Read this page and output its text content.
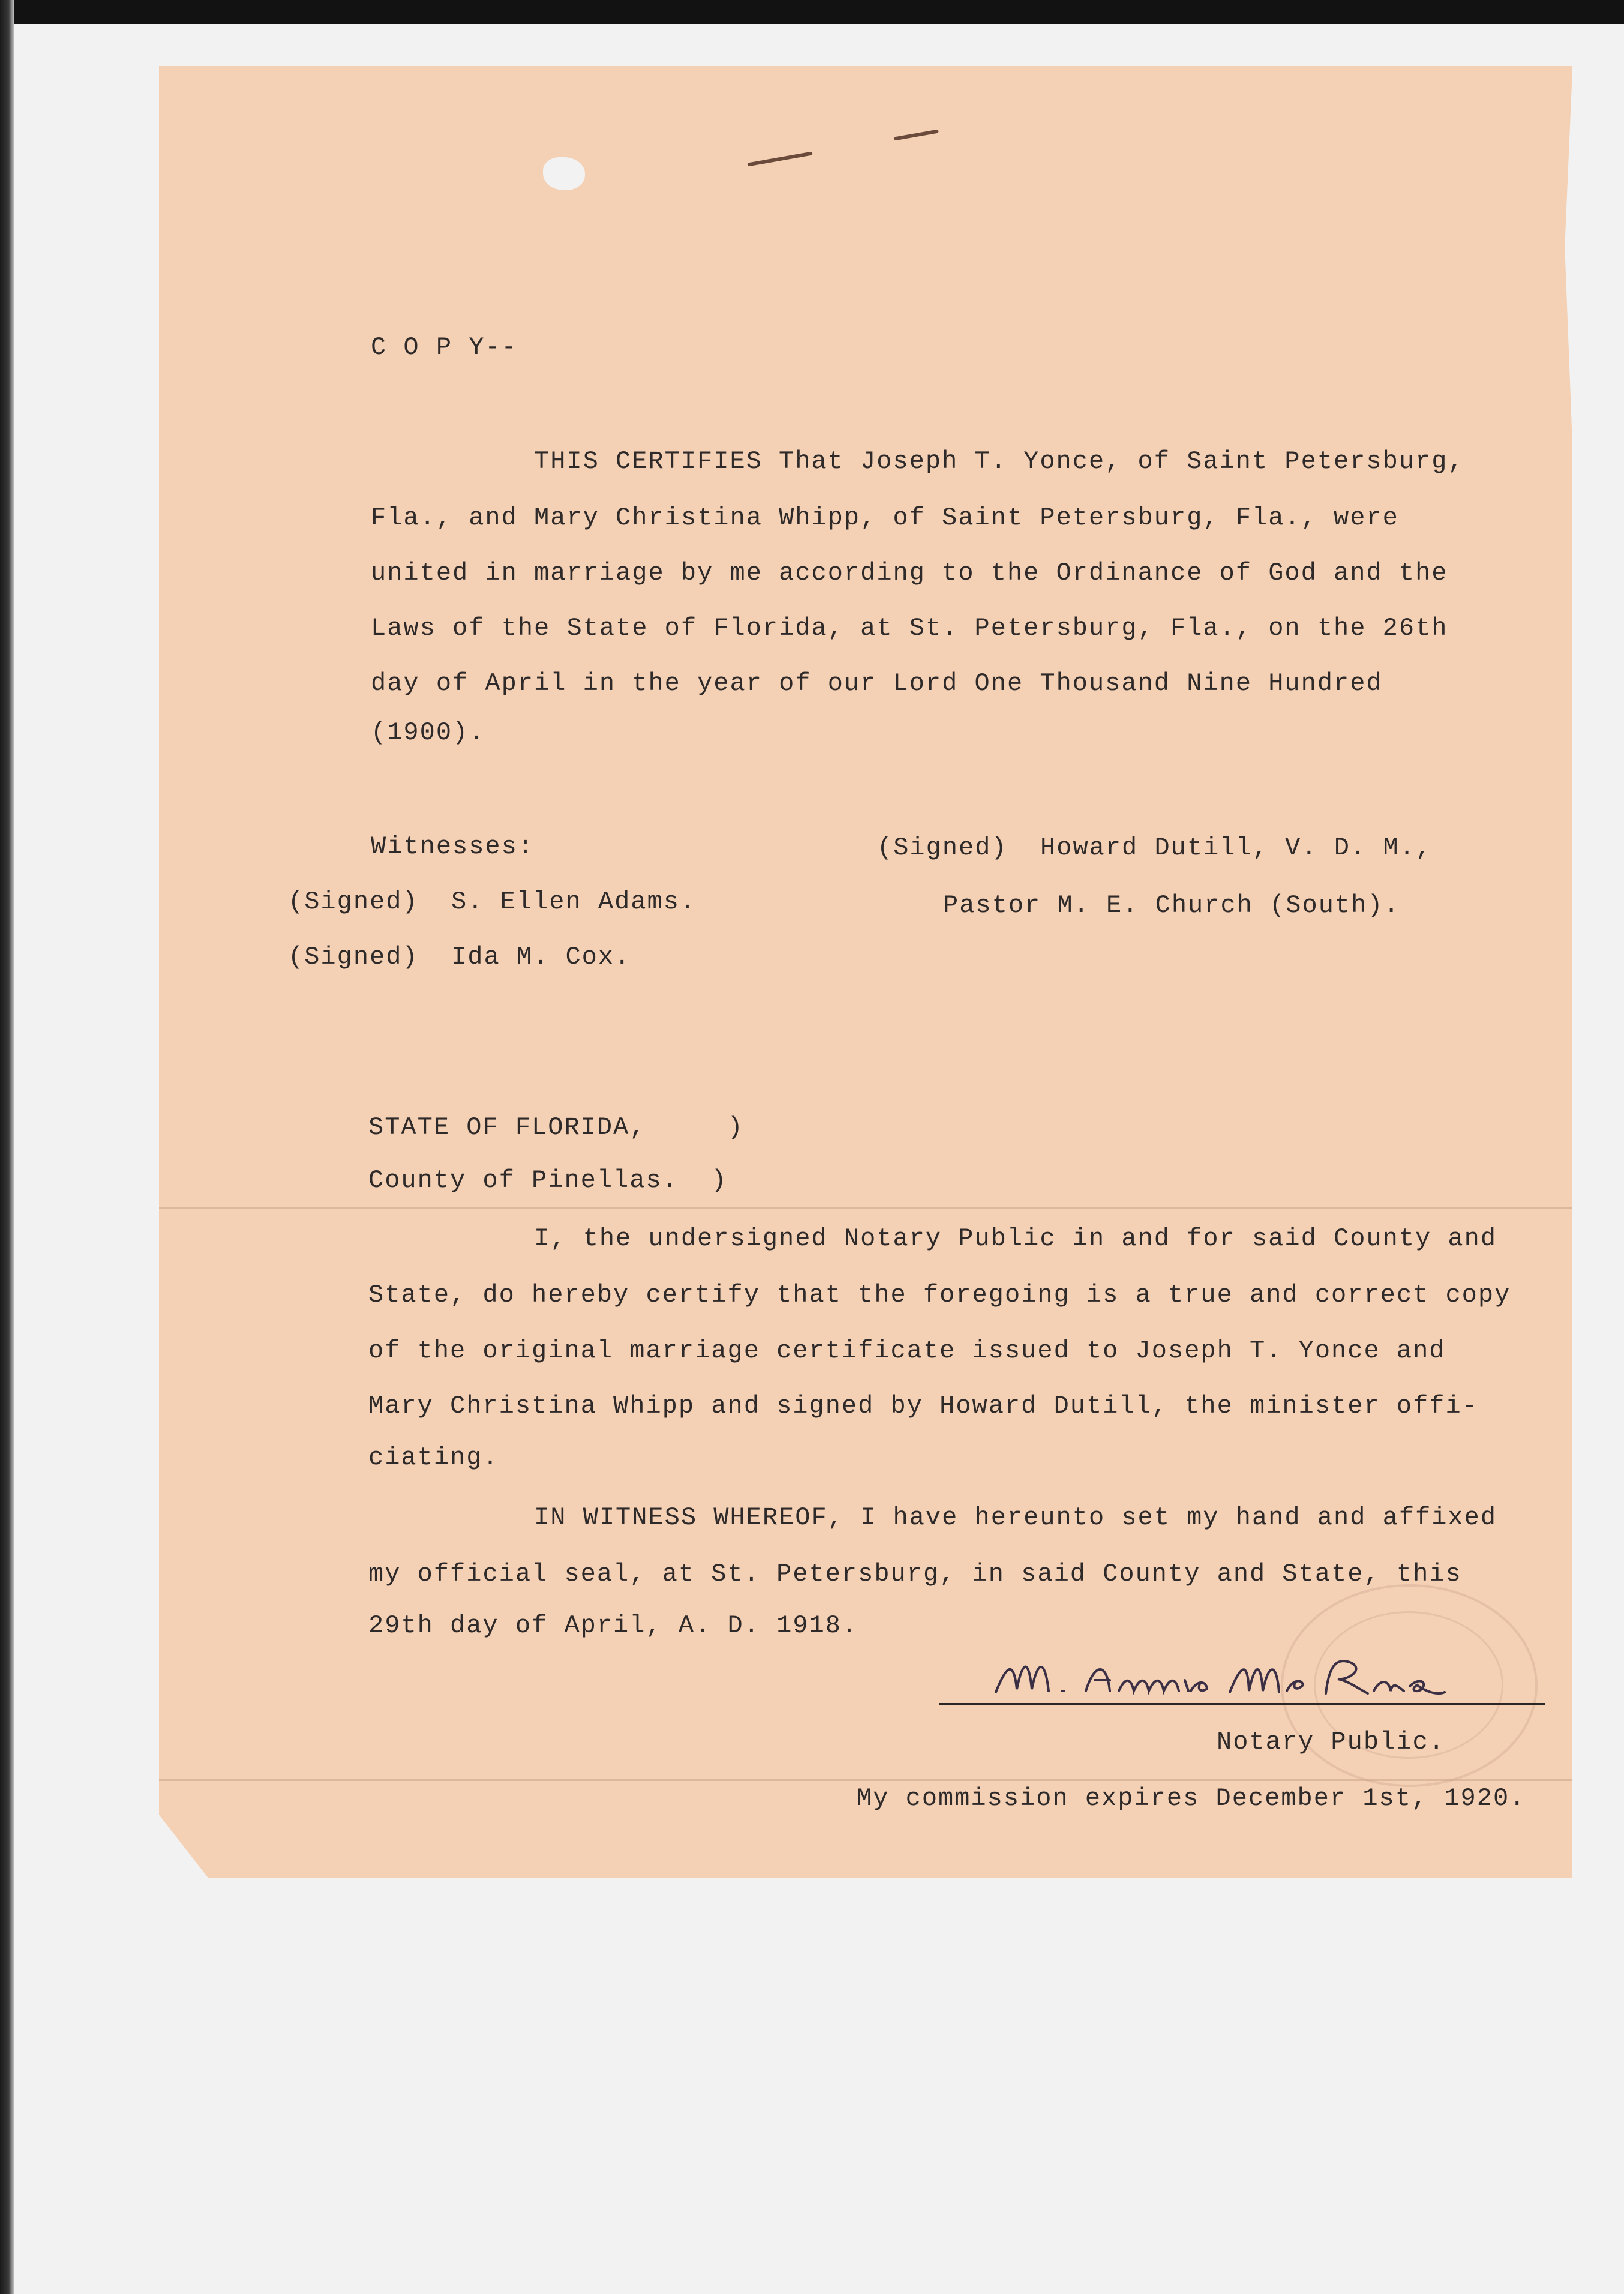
C O P Y--
THIS CERTIFIES That Joseph T. Yonce, of Saint Petersburg,
Fla., and Mary Christina Whipp, of Saint Petersburg, Fla., were
united in marriage by me according to the Ordinance of God and the
Laws of the State of Florida, at St. Petersburg, Fla., on the 26th
day of April in the year of our Lord One Thousand Nine Hundred
(1900).
Witnesses:
(Signed)  S. Ellen Adams.
(Signed)  Ida M. Cox.
(Signed)  Howard Dutill, V. D. M.,
Pastor M. E. Church (South).
STATE OF FLORIDA,     )
County of Pinellas.  )
I, the undersigned Notary Public in and for said County and
State, do hereby certify that the foregoing is a true and correct copy
of the original marriage certificate issued to Joseph T. Yonce and
Mary Christina Whipp and signed by Howard Dutill, the minister offi-
ciating.
IN WITNESS WHEREOF, I have hereunto set my hand and affixed
my official seal, at St. Petersburg, in said County and State, this
29th day of April, A. D. 1918.
Notary Public.
My commission expires December 1st, 1920.
